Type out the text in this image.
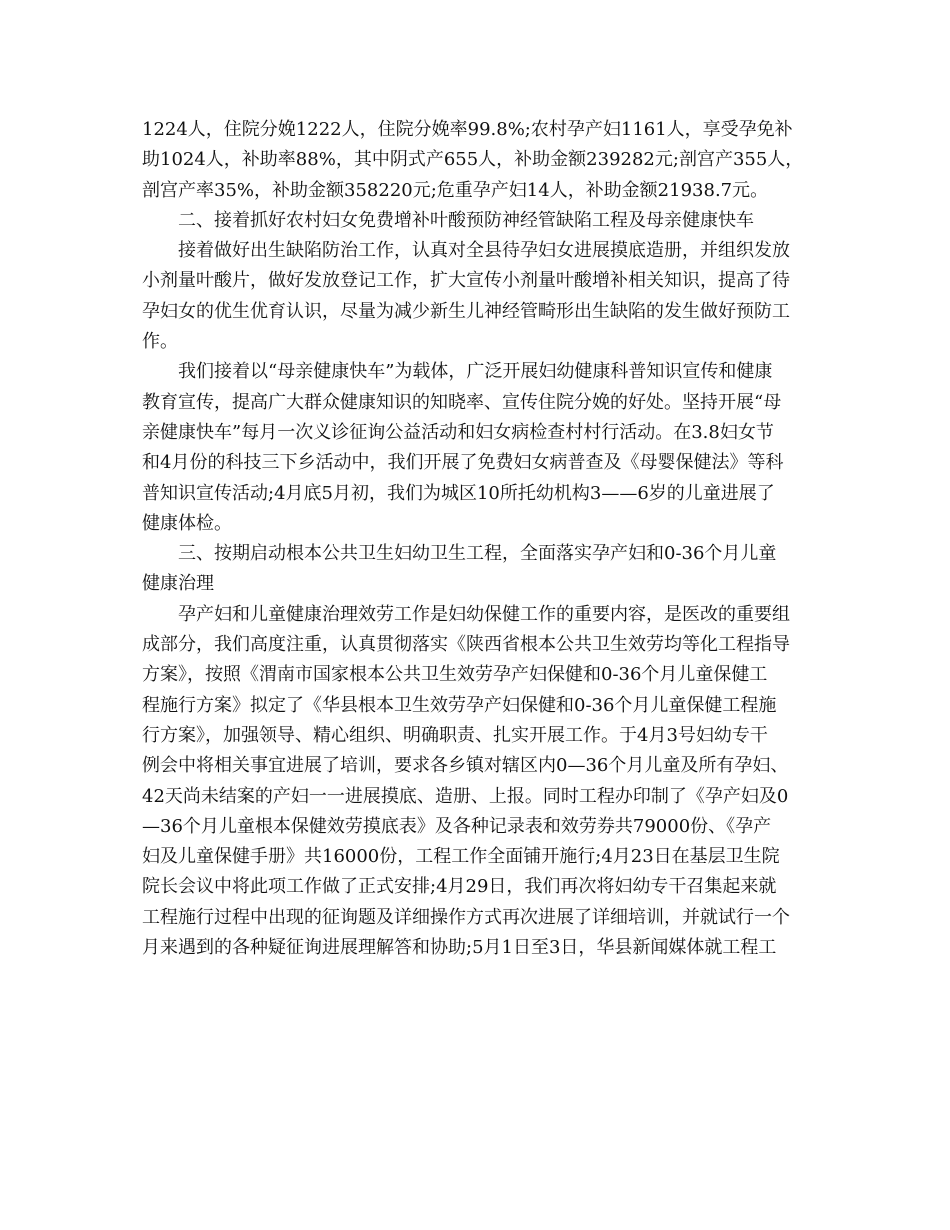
1224人，住院分娩1222人，住院分娩率99.8%;农村孕产妇1161人，享受孕免补
助1024人，补助率88%，其中阴式产655人，补助金额239282元;剖宫产355人，
剖宫产率35%，补助金额358220元;危重孕产妇14人，补助金额21938.7元。
二、接着抓好农村妇女免费增补叶酸预防神经管缺陷工程及母亲健康快车
接着做好出生缺陷防治工作，认真对全县待孕妇女进展摸底造册，并组织发放
小剂量叶酸片，做好发放登记工作，扩大宣传小剂量叶酸增补相关知识，提高了待
孕妇女的优生优育认识，尽量为减少新生儿神经管畸形出生缺陷的发生做好预防工
作。
我们接着以“母亲健康快车”为载体，广泛开展妇幼健康科普知识宣传和健康
教育宣传，提高广大群众健康知识的知晓率、宣传住院分娩的好处。坚持开展“母
亲健康快车”每月一次义诊征询公益活动和妇女病检查村村行活动。在3.8妇女节
和4月份的科技三下乡活动中，我们开展了免费妇女病普查及《母婴保健法》等科
普知识宣传活动;4月底5月初，我们为城区10所托幼机构3——6岁的儿童进展了
健康体检。
三、按期启动根本公共卫生妇幼卫生工程，全面落实孕产妇和0-36个月儿童
健康治理
孕产妇和儿童健康治理效劳工作是妇幼保健工作的重要内容，是医改的重要组
成部分，我们高度注重，认真贯彻落实《陕西省根本公共卫生效劳均等化工程指导
方案》，按照《渭南市国家根本公共卫生效劳孕产妇保健和0-36个月儿童保健工
程施行方案》拟定了《华县根本卫生效劳孕产妇保健和0-36个月儿童保健工程施
行方案》，加强领导、精心组织、明确职责、扎实开展工作。于4月3号妇幼专干
例会中将相关事宜进展了培训，要求各乡镇对辖区内0—36个月儿童及所有孕妇、
42天尚未结案的产妇一一进展摸底、造册、上报。同时工程办印制了《孕产妇及0
—36个月儿童根本保健效劳摸底表》及各种记录表和效劳券共79000份、《孕产
妇及儿童保健手册》共16000份，工程工作全面铺开施行;4月23日在基层卫生院
院长会议中将此项工作做了正式安排;4月29日，我们再次将妇幼专干召集起来就
工程施行过程中出现的征询题及详细操作方式再次进展了详细培训，并就试行一个
月来遇到的各种疑征询进展理解答和协助;5月1日至3日，华县新闻媒体就工程工
